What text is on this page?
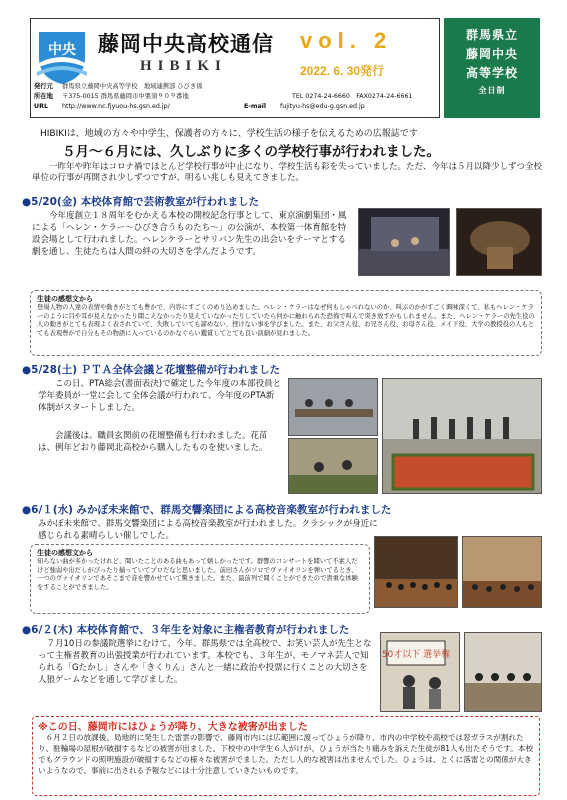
中央 藤岡中央高校通信
HIBIKI
vol. 2
2022. 6. 30発行
群馬県立
藤岡中央
高等学校
全日制
発行元 群馬県立藤岡中央高等学校　地域連携部 ひびき係
所在地 〒375-0015 群馬県藤岡市中栗須９０９番地	TEL 0274-24-6660　FAX0274-24-6661
URL http://www.nc.fjyuou-hs.gsn.ed.jp/	E-mail fujityu-hs@edu-g.gsn.ed.jp
HIBIKIは、地域の方々や中学生、保護者の方々に、学校生活の様子を伝えるための広報誌です
５月～６月には、久しぶりに多くの学校行事が行われました。
一昨年や昨年はコロナ禍でほとんど学校行事が中止になり、学校生活も彩を失っていました。ただ、今年は５月以降少しずつ全校単位の行事が再開され少しずつですが、明るい兆しも見えてきました。
●5/20(金) 本校体育館で芸術教室が行われました
今年度創立１８周年をむかえる本校の開校記念行事として、東京演劇集団・風による「ヘレン・ケラー～ひびき合うものたち～」の公演が、本校第一体育館を特設会場として行われました。ヘレンケラーとサリバン先生の出会いをテーマとする劇を通し、生徒たちは人間の絆の大切さを学んだようです。
生徒の感想文から
登場人物の人達の表情や動きがとても豊かで、内容にすごくのめり込めました。ヘレン・ケラーはなぜ何もしゃべれないのか、叫ぶのかがすごく興味深くて、私もヘレン・ケラーのように目や耳が見えなかったり聞こえなかったり見えていなかったりしていたら何かに触れられた恐怖で叫んで突き放すかもしれません。また、ヘレン・ケラーの先生役の人の動きがとても表現よく表されていて、失敗していても諦めない、挫けない事を学びました。また、お父さん役、お兄さん役、お母さん役、メイド役、大学の教授役の人もとても表現豊かで自分もその物語に入っているのかなぐらい鑑賞してとても良い演劇が見れました。
●5/28(土) ＰＴＡ全体会議と花壇整備が行われました
この日、PTA総会(書面表決)で確定した今年度の本部役員と学年委員が一堂に会して全体会議が行われて、今年度のPTA新体制がスタートしました。
会議後は、職員玄関前の花壇整備も行われました。花苗は、例年どおり藤岡北高校から購入したものを使いました。
●6/１(水) みかぼ未来館で、群馬交響楽団による高校音楽教室が行われました
みかぼ未来館で、群馬交響楽団による高校音楽教室が行われました。クラシックが身近に感じられる素晴らしい催しでした。
生徒の感想文から
知らない曲が多かったけれど、聞いたことのある曲もあって嬉しかったです。群響のコンサートを聞いて不素人だけど強弱や出だしがぴったり揃っていてプロだなと思いました。前田さんがソロでヴァイオリンを弾いてるとき、一つのヴァイオリンであそこまで音を響かせていて驚きました。また、最前列で聞くことができたので貴重な体験をすることができました。
●6/２(木) 本校体育館で、３年生を対象に主権者教育が行われました
７月10日の参議院選挙にむけて、今年、群馬県では全高校で、お笑い芸人が先生となって主権者教育の出張授業が行われています。本校でも、３年生が、モノマネ芸人で知られる「Gたかし」さんや「きくりん」さんと一緒に政治や投票に行くことの大切さを人狼ゲームなどを通して学びました。
50才以下 選挙権
※この日、藤岡市にはひょうが降り、大きな被害が出ました
６月２日の放課後、局地的に発生した雷雲の影響で、藤岡市内には広範囲に渡ってひょうが降り、市内の中学校や高校では窓ガラスが割れたり、駐輪場の屋根が破損するなどの被害が出ました。下校中の中学生６人がけが、ひょうが当たり痛みを訴えた生徒が81人も出たそうです。本校でもグラウンドの照明施設が破損するなどの様々な被害がでました。ただし人的な被害は出ませんでした。ひょうは、とくに落雷との関係が大きいようなので、事前に出される予報などには十分注意していきたいものです。
